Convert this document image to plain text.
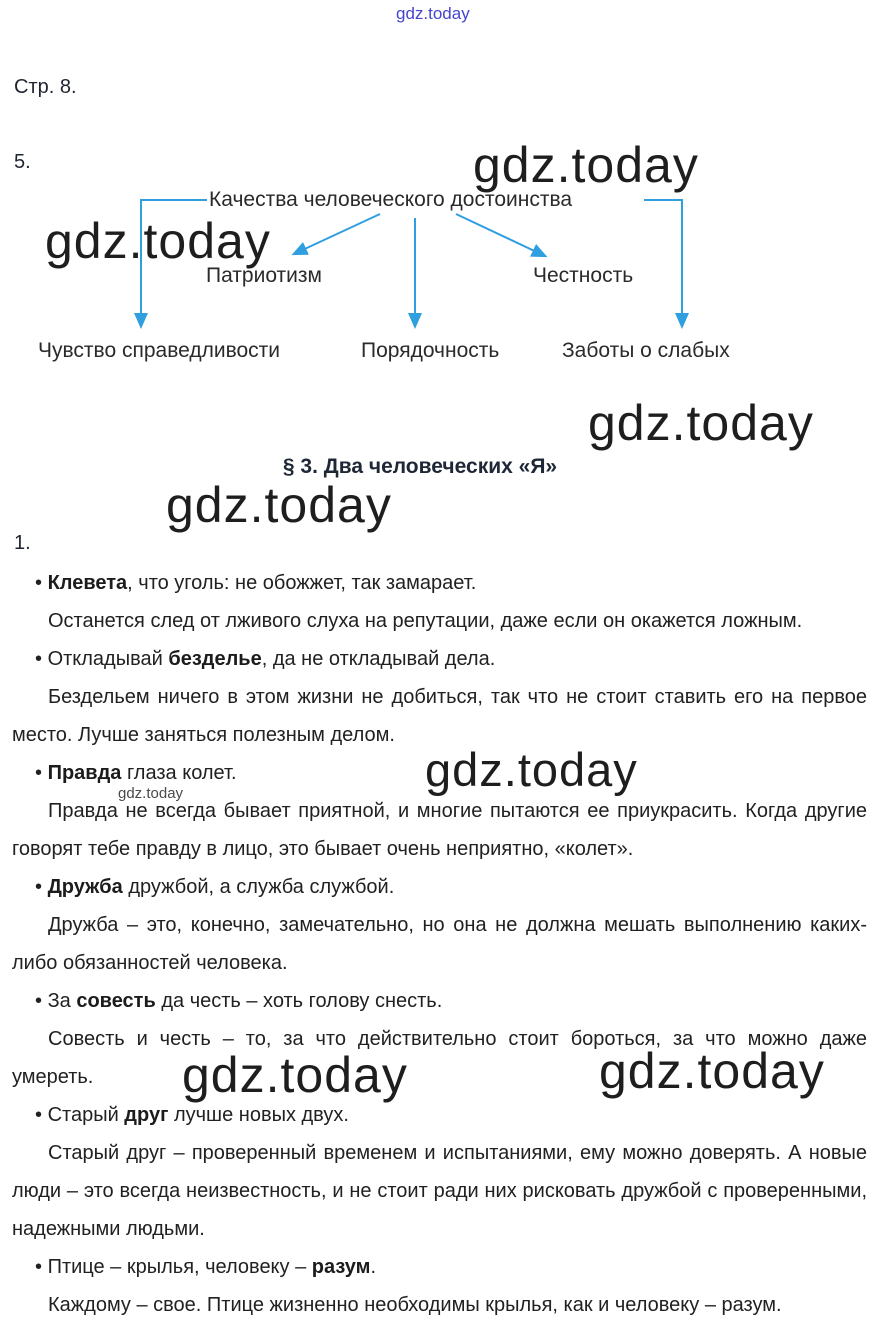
gdz.today
gdz.today
gdz.today
gdz.today
gdz.today
gdz.today
gdz.today	gdz.today
gdz.today
Стр. 8.
5.
Качества человеческого достоинства
Патриотизм	Честность
Чувство справедливости	Порядочность	Заботы о слабых
§ 3. Два человеческих «Я»
1.

• Клевета, что уголь: не обожжет, так замарает.

Останется след от лживого слуха на репутации, даже если он окажется ложным.

• Откладывай безделье, да не откладывай дела.

Бездельем ничего в этом жизни не добиться, так что не стоит ставить его на первое место. Лучше заняться полезным делом.

• Правда глаза колет.

Правда не всегда бывает приятной, и многие пытаются ее приукрасить. Когда другие говорят тебе правду в лицо, это бывает очень неприятно, «колет».

• Дружба дружбой, а служба службой.

Дружба – это, конечно, замечательно, но она не должна мешать выполнению каких-либо обязанностей человека.

• За совесть да честь – хоть голову снесть.

Совесть и честь – то, за что действительно стоит бороться, за что можно даже умереть.

• Старый друг лучше новых двух.

Старый друг – проверенный временем и испытаниями, ему можно доверять. А новые люди – это всегда неизвестность, и не стоит ради них рисковать дружбой с проверенными, надежными людьми.

• Птице – крылья, человеку – разум.

Каждому – свое. Птице жизненно необходимы крылья, как и человеку – разум.
